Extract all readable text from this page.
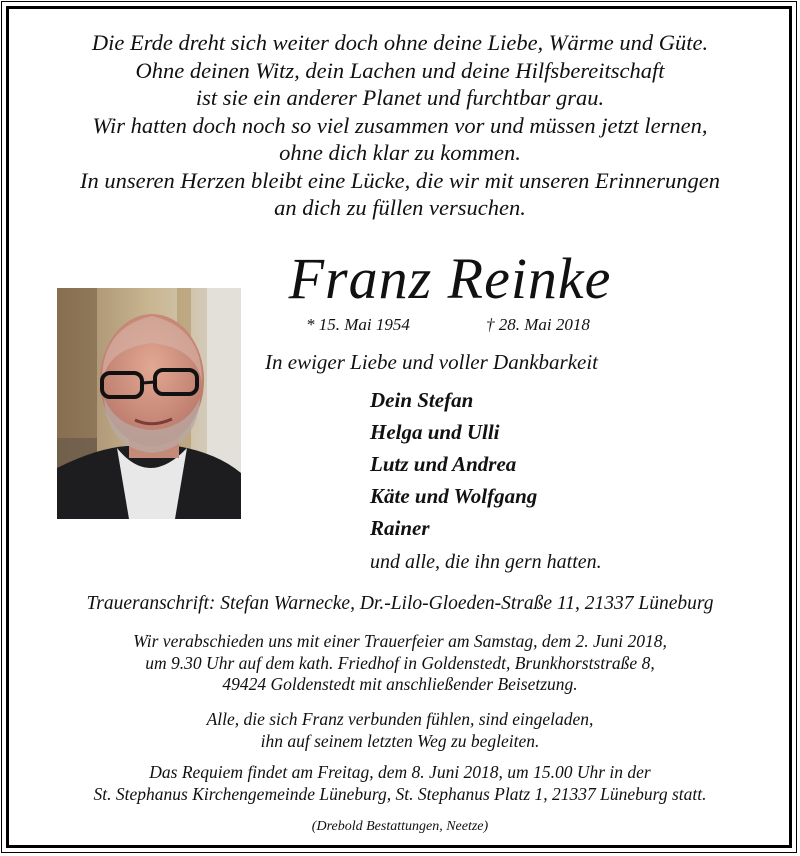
Die Erde dreht sich weiter doch ohne deine Liebe, Wärme und Güte.
Ohne deinen Witz, dein Lachen und deine Hilfsbereitschaft
ist sie ein anderer Planet und furchtbar grau.
Wir hatten doch noch so viel zusammen vor und müssen jetzt lernen,
ohne dich klar zu kommen.
In unseren Herzen bleibt eine Lücke, die wir mit unseren Erinnerungen
an dich zu füllen versuchen.
Franz Reinke
* 15. Mai 1954	† 28. Mai 2018
In ewiger Liebe und voller Dankbarkeit
Dein Stefan
Helga und Ulli
Lutz und Andrea
Käte und Wolfgang
Rainer
und alle, die ihn gern hatten.
Traueranschrift: Stefan Warnecke, Dr.-Lilo-Gloeden-Straße 11, 21337 Lüneburg
Wir verabschieden uns mit einer Trauerfeier am Samstag, dem 2. Juni 2018,
um 9.30 Uhr auf dem kath. Friedhof in Goldenstedt, Brunkhorststraße 8,
49424 Goldenstedt mit anschließender Beisetzung.
Alle, die sich Franz verbunden fühlen, sind eingeladen,
ihn auf seinem letzten Weg zu begleiten.
Das Requiem findet am Freitag, dem 8. Juni 2018, um 15.00 Uhr in der
St. Stephanus Kirchengemeinde Lüneburg, St. Stephanus Platz 1, 21337 Lüneburg statt.
(Drebold Bestattungen, Neetze)
